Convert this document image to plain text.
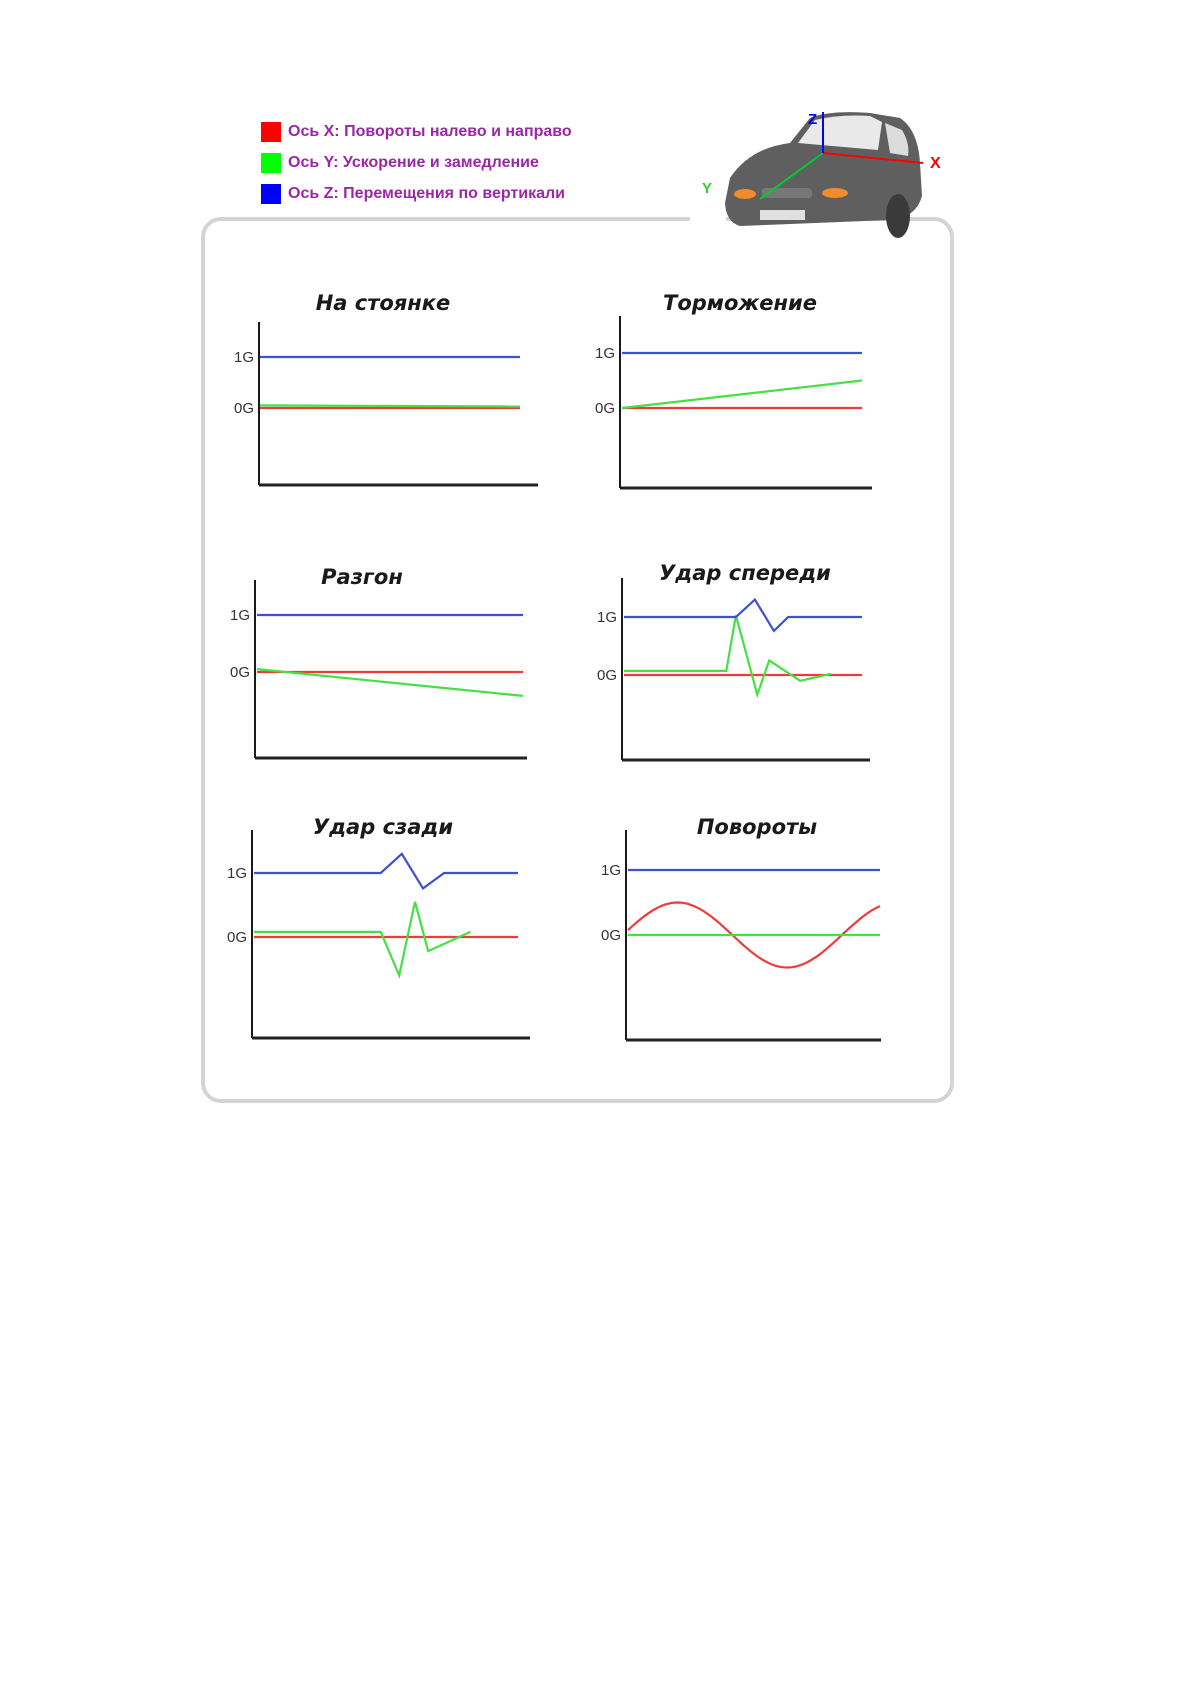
Ось X: Повороты налево и направо
Ось Y: Ускорение и замедление
Ось Z: Перемещения по вертикали
X
Y
Z
На стоянке
1G
0G
Торможение
1G
0G
Разгон
1G
0G
Удар спереди
1G
0G
Удар сзади
1G
0G
Повороты
1G
0G
